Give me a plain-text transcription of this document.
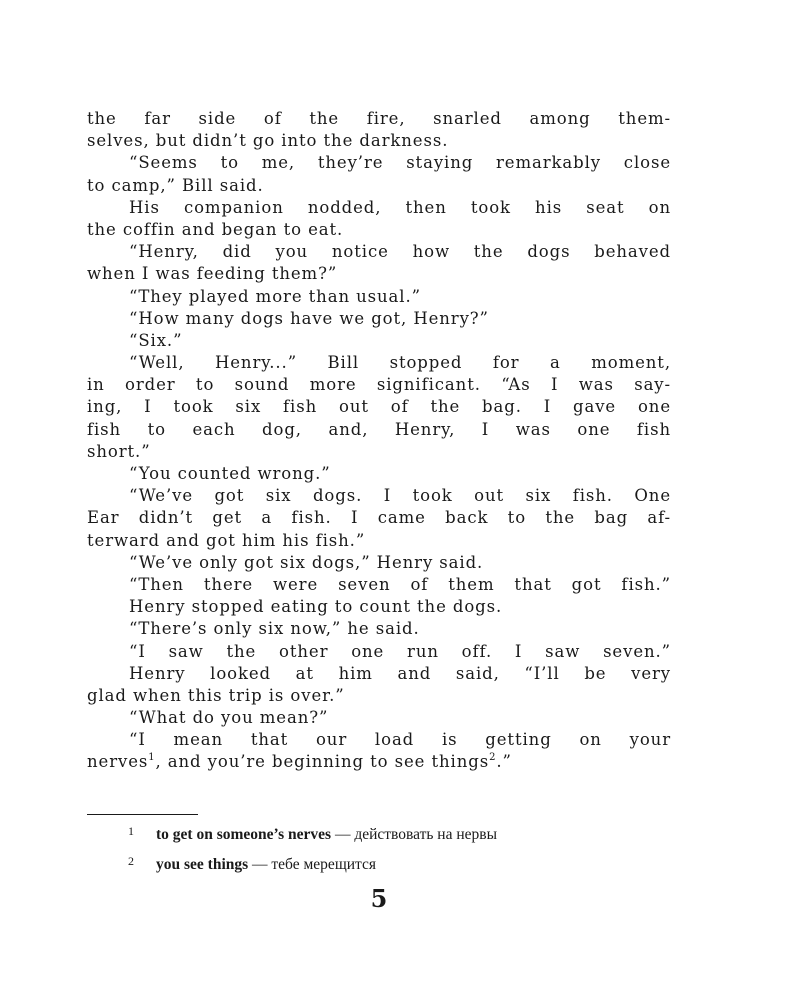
the far side of the fire, snarled among them-
selves, but didn’t go into the darkness.
“Seems to me, they’re staying remarkably close
to camp,” Bill said.
His companion nodded, then took his seat on
the coffin and began to eat.
“Henry, did you notice how the dogs behaved
when I was feeding them?”
“They played more than usual.”
“How many dogs have we got, Henry?”
“Six.”
“Well, Henry...” Bill stopped for a moment,
in order to sound more significant. “As I was say-
ing, I took six fish out of the bag. I gave one
fish to each dog, and, Henry, I was one fish
short.”
“You counted wrong.”
“We’ve got six dogs. I took out six fish. One
Ear didn’t get a fish. I came back to the bag af-
terward and got him his fish.”
“We’ve only got six dogs,” Henry said.
“Then there were seven of them that got fish.”
Henry stopped eating to count the dogs.
“There’s only six now,” he said.
“I saw the other one run off. I saw seven.”
Henry looked at him and said, “I’ll be very
glad when this trip is over.”
“What do you mean?”
“I mean that our load is getting on your
nerves$^1$, and you’re beginning to see things$^2$.”
1 to get on someone’s nerves — действовать на нервы
2 you see things — тебе мерещится
5
